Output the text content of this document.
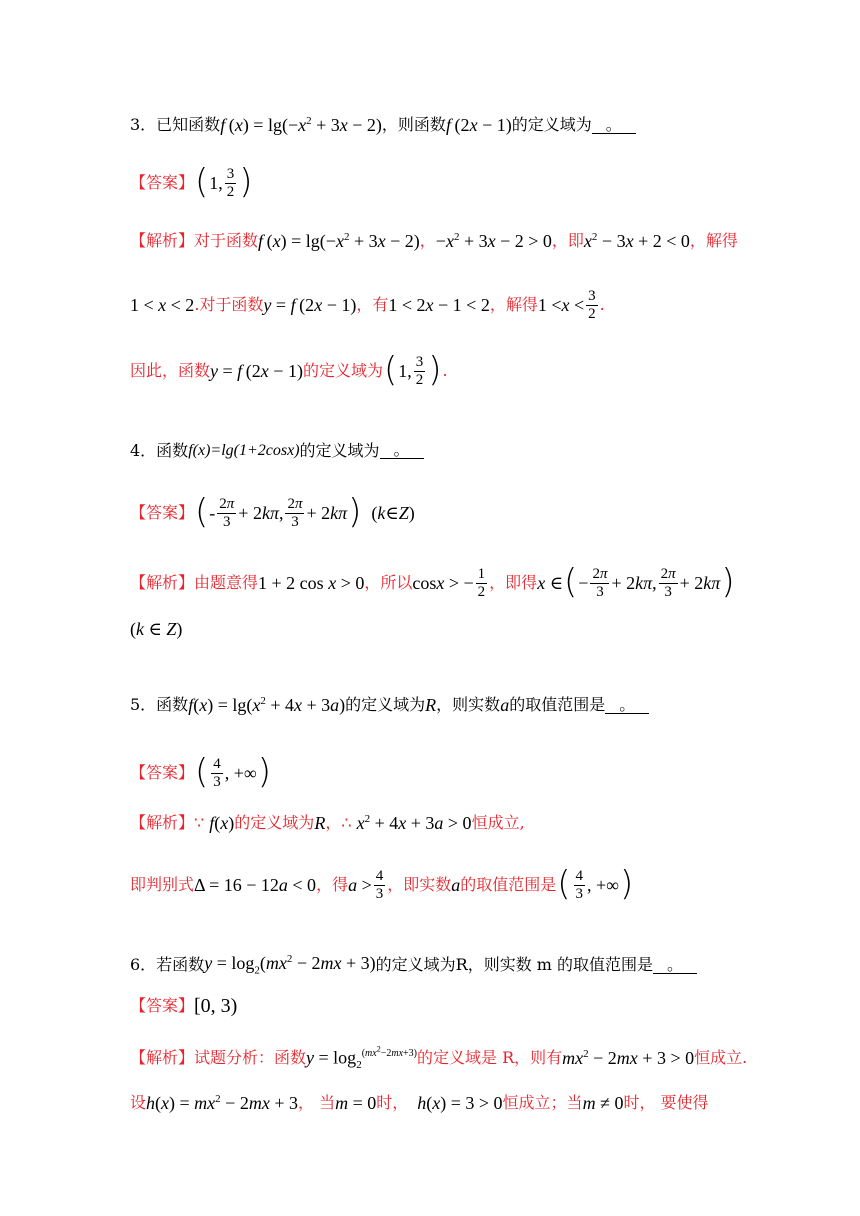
3．已知函数 f $(x) = \lg(-x^2 + 3x - 2)$ ，则函数 f (2x − 1) 的定义域为 。
【答案】 ( 1, $\frac{3}{2}$ )
【解析】 对于函数 f $(x) = \lg(-x^2 + 3x - 2)$ ， $-x^2 + 3x - 2 > 0$ ，即 $x^2 - 3x + 2 < 0$ ，解得
1 < x < 2 .对于函数 y = f (2x − 1) ，有 1 < 2x − 1 < 2 ，解得 $1 < x < \frac{3}{2}$ .
因此，函数 y = f (2x − 1) 的定义域为 ( 1, $\frac{3}{2}$ ) .
4．函数 f(x)=lg(1+2cosx) 的定义域为 。
【答案】 ( - $\frac{2\pi}{3} + 2$ kπ , $\frac{2\pi}{3} + 2$ kπ ) ( k ∈ Z )
【解析】 由题意得 1 + 2 cos x > 0 ，所以 cos x > − $\frac{1}{2}$ ，即得 x ∈ ( − $\frac{2\pi}{3} + 2$ kπ , $\frac{2\pi}{3} + 2$ kπ )
(k ∈ Z)
5．函数 $f(x) = \lg(x^2 + 4x + 3a)$ 的定义域为 R ，则实数 a 的取值范围是 。
【答案】 ( $\frac{4}{3}$ , +∞ )
【解析】 ∵ f(x) 的定义域为 R ， ∴ $x^2 + 4x + 3a > 0$ 恒成立,
即判别式 Δ = 16 − 12a < 0 ，得 $a > \frac{4}{3}$ ，即实数 a 的取值范围是 ( $\frac{4}{3}$ , +∞ )
6．若函数 $y = \log_2(mx^2 - 2mx + 3)$ 的定义域为R，则实数 m 的取值范围是 。
【答案】 [0, 3)
【解析】 试题分析：函数 $y = \log_2^{(mx^2-2mx+3)}$ 的定义域是 R，则有 $mx^2 - 2mx + 3 > 0$ 恒成立.
设 $h(x) = mx^2 - 2mx + 3$ ， 当 m = 0 时， h(x) = 3 > 0 恒成立；当 m ≠ 0 时， 要使得
